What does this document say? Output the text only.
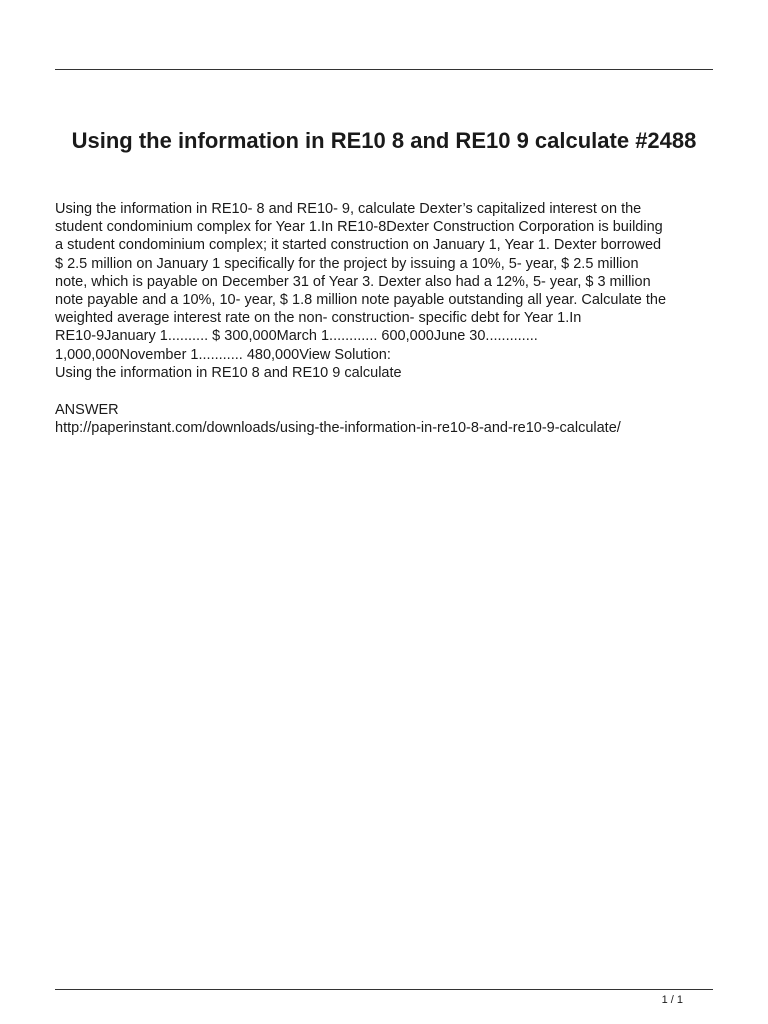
Using the information in RE10 8 and RE10 9 calculate #2488

Using the information in RE10- 8 and RE10- 9, calculate Dexter’s capitalized interest on the

student condominium complex for Year 1.In RE10-8Dexter Construction Corporation is building

a student condominium complex; it started construction on January 1, Year 1. Dexter borrowed

$ 2.5 million on January 1 specifically for the project by issuing a 10%, 5- year, $ 2.5 million

note, which is payable on December 31 of Year 3. Dexter also had a 12%, 5- year, $ 3 million

note payable and a 10%, 10- year, $ 1.8 million note payable outstanding all year. Calculate the

weighted average interest rate on the non- construction- specific debt for Year 1.In

RE10-9January 1.......... $ 300,000March 1............ 600,000June 30.............

1,000,000November 1........... 480,000View Solution:

Using the information in RE10 8 and RE10 9 calculate

ANSWER
http://paperinstant.com/downloads/using-the-information-in-re10-8-and-re10-9-calculate/
1 / 1
